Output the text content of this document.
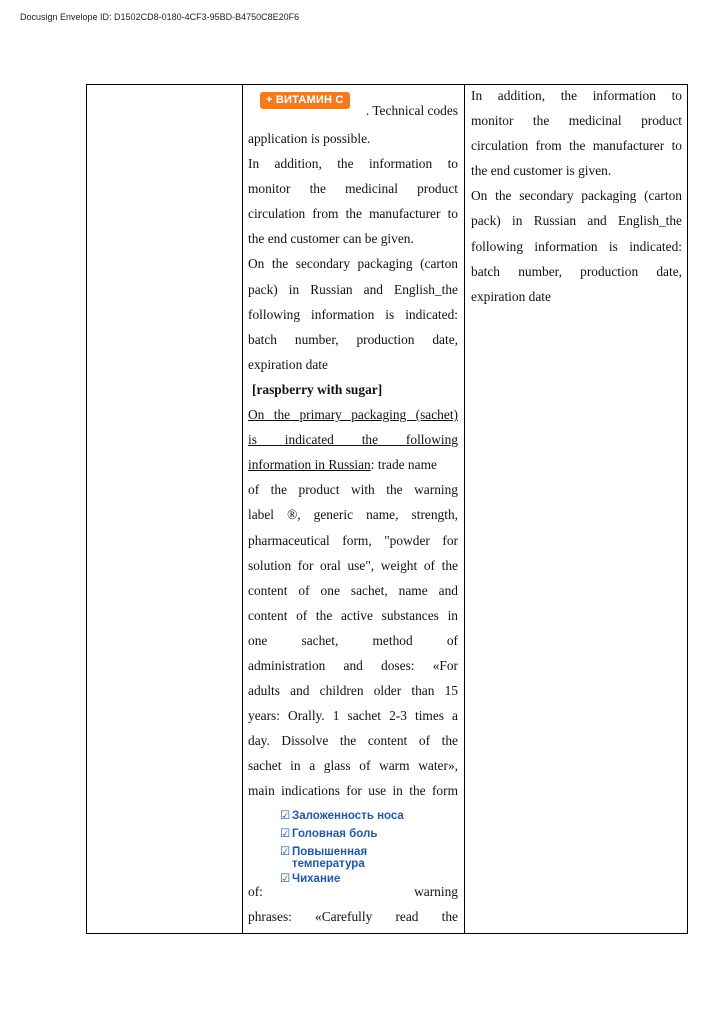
Docusign Envelope ID: D1502CD8-0180-4CF3-95BD-B4750C8E20F6
+ ВИТАМИН С
. Technical codes

application is possible.

In addition, the information to

monitor the medicinal product

circulation from the manufacturer to

the end customer can be given.

On the secondary packaging (carton

pack) in Russian and English_the

following information is indicated:

batch number, production date,

expiration date

[raspberry with sugar]

On the primary packaging (sachet)

is indicated the following

information in Russian: trade name

of the product with the warning

label ®, generic name, strength,

pharmaceutical form, "powder for

solution for oral use", weight of the

content of one sachet, name and

content of the active substances in

one sachet, method of

administration and doses: «For

adults and children older than 15

years: Orally. 1 sachet 2-3 times a

day. Dissolve the content of the

sachet in a glass of warm water»,

main indications for use in the form

☑ Заложенность носа
☑ Головная боль
☑ Повышенная
температура
of:
☑ Чихание
warning

phrases: «Carefully read the

In addition, the information to

monitor the medicinal product

circulation from the manufacturer to

the end customer is given.

On the secondary packaging (carton

pack) in Russian and English_the

following information is indicated:

batch number, production date,

expiration date
